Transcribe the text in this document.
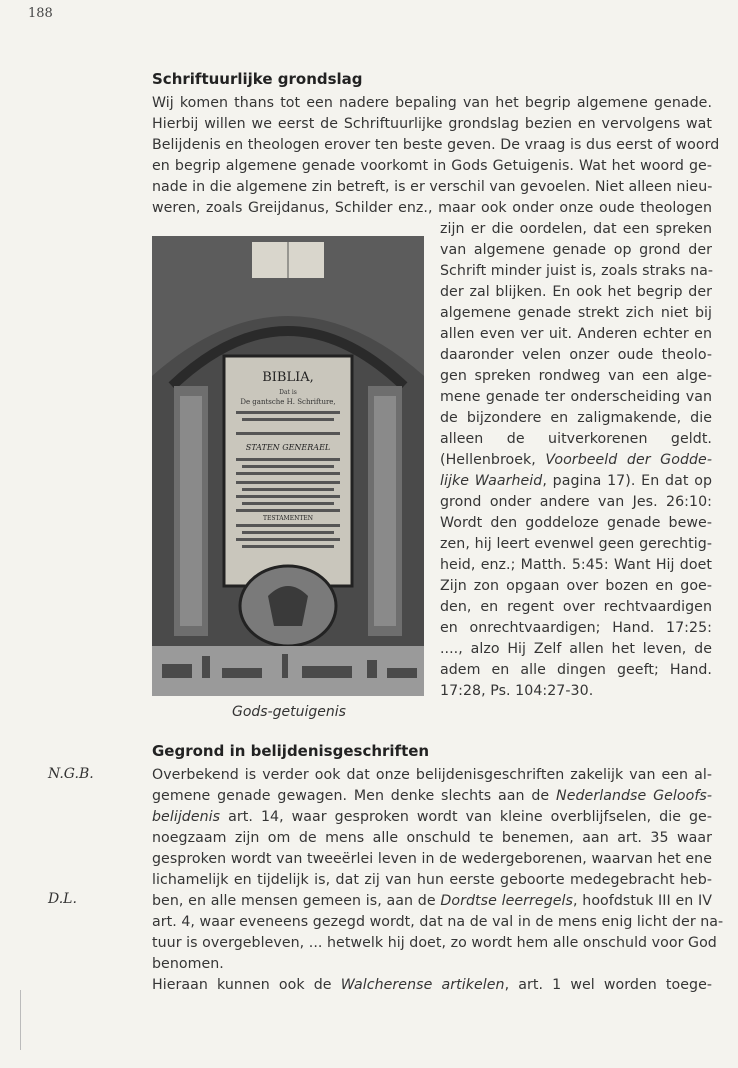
188
Schriftuurlijke grondslag
Wij komen thans tot een nadere bepaling van het begrip algemene genade.
Hierbij willen we eerst de Schriftuurlijke grondslag bezien en vervolgens wat
Belijdenis en theologen erover ten beste geven. De vraag is dus eerst of woord
en begrip algemene genade voorkomt in Gods Getuigenis. Wat het woord ge-
nade in die algemene zin betreft, is er verschil van gevoelen. Niet alleen nieu-
weren, zoals Greijdanus, Schilder enz., maar ook onder onze oude theologen
zijn er die oordelen, dat een spreken
van algemene genade op grond der
Schrift minder juist is, zoals straks na-
der zal blijken. En ook het begrip der
algemene genade strekt zich niet bij
allen even ver uit. Anderen echter en
daaronder velen onzer oude theolo-
gen spreken rondweg van een alge-
mene genade ter onderscheiding van
de bijzondere en zaligmakende, die
alleen de uitverkorenen geldt.
(Hellenbroek, Voorbeeld der Godde-
lijke Waarheid, pagina 17). En dat op
grond onder andere van Jes. 26:10:
Wordt den goddeloze genade bewe-
zen, hij leert evenwel geen gerechtig-
heid, enz.; Matth. 5:45: Want Hij doet
Zijn zon opgaan over bozen en goe-
den, en regent over rechtvaardigen
en onrechtvaardigen; Hand. 17:25:
...., alzo Hij Zelf allen het leven, de
adem en alle dingen geeft; Hand.
17:28, Ps. 104:27-30.
BIBLIA,
Dat is
De gantsche H. Schrifture,
STATEN GENERAEL
TESTAMENTEN
Gods-getuigenis
Gegrond in belijdenisgeschriften
N.G.B.
D.L.
Overbekend is verder ook dat onze belijdenisgeschriften zakelijk van een al-
gemene genade gewagen. Men denke slechts aan de Nederlandse Geloofs-
belijdenis art. 14, waar gesproken wordt van kleine overblijfselen, die ge-
noegzaam zijn om de mens alle onschuld te benemen, aan art. 35 waar
gesproken wordt van tweeërlei leven in de wedergeborenen, waarvan het ene
lichamelijk en tijdelijk is, dat zij van hun eerste geboorte medegebracht heb-
ben, en alle mensen gemeen is, aan de Dordtse leerregels, hoofdstuk III en IV
art. 4, waar eveneens gezegd wordt, dat na de val in de mens enig licht der na-
tuur is overgebleven, ... hetwelk hij doet, zo wordt hem alle onschuld voor God
benomen.
Hieraan kunnen ook de Walcherense artikelen, art. 1 wel worden toege-
